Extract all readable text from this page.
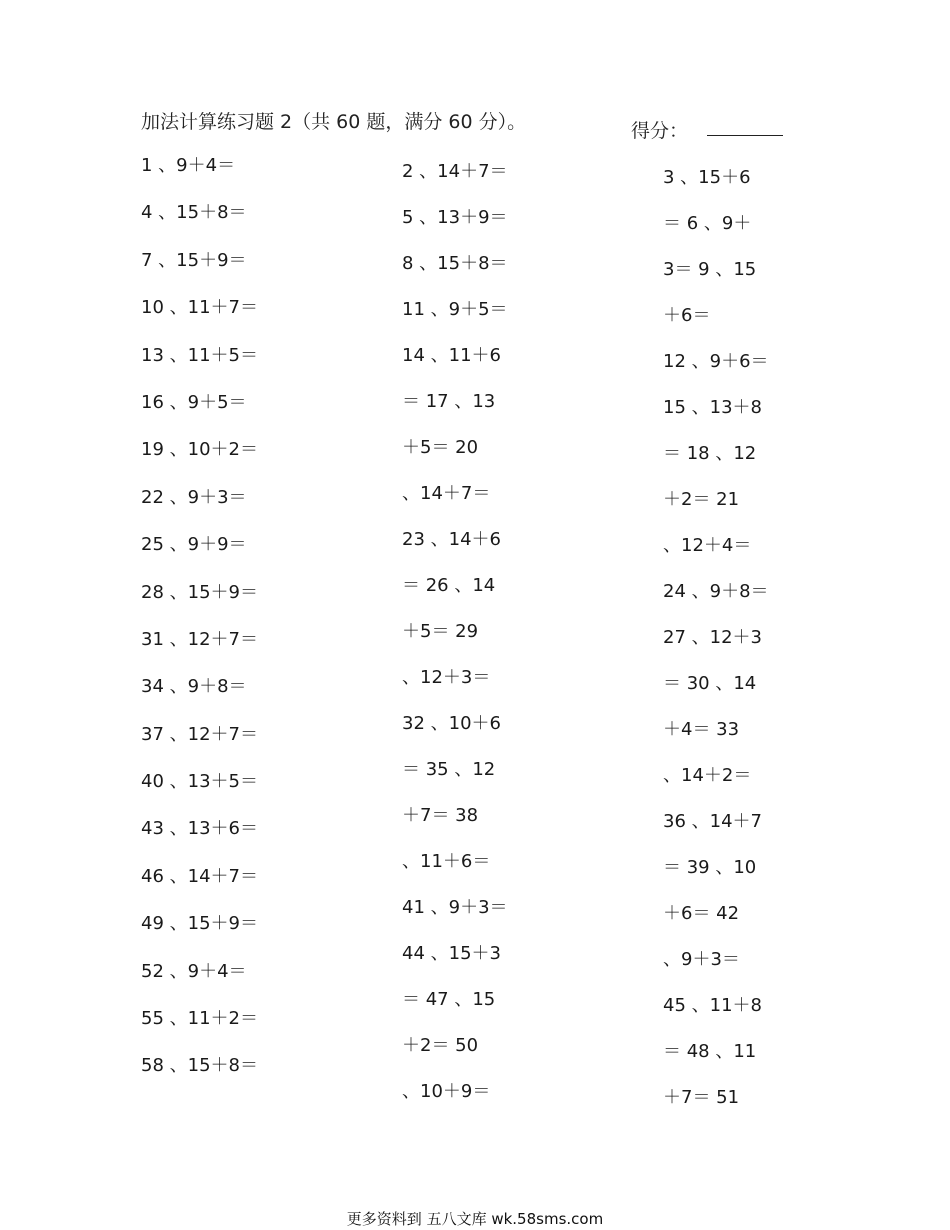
加法计算练习题 2（共 60 题，满分 60 分）。	得分：
1 、9＋4＝
4 、15＋8＝
7 、15＋9＝
10 、11＋7＝
13 、11＋5＝
16 、9＋5＝
19 、10＋2＝
22 、9＋3＝
25 、9＋9＝
28 、15＋9＝
31 、12＋7＝
34 、9＋8＝
37 、12＋7＝
40 、13＋5＝
43 、13＋6＝
46 、14＋7＝
49 、15＋9＝
52 、9＋4＝
55 、11＋2＝
58 、15＋8＝
2 、14＋7＝
5 、13＋9＝
8 、15＋8＝
11 、9＋5＝
14 、11＋6
＝ 17 、13
＋5＝ 20
、14＋7＝
23 、14＋6
＝ 26 、14
＋5＝ 29
、12＋3＝
32 、10＋6
＝ 35 、12
＋7＝ 38
、11＋6＝
41 、9＋3＝
44 、15＋3
＝ 47 、15
＋2＝ 50
、10＋9＝
3 、15＋6
＝ 6 、9＋
3＝ 9 、15
＋6＝
12 、9＋6＝
15 、13＋8
＝ 18 、12
＋2＝ 21
、12＋4＝
24 、9＋8＝
27 、12＋3
＝ 30 、14
＋4＝ 33
、14＋2＝
36 、14＋7
＝ 39 、10
＋6＝ 42
、9＋3＝
45 、11＋8
＝ 48 、11
＋7＝ 51
更多资料到 五八文库 wk.58sms.com
